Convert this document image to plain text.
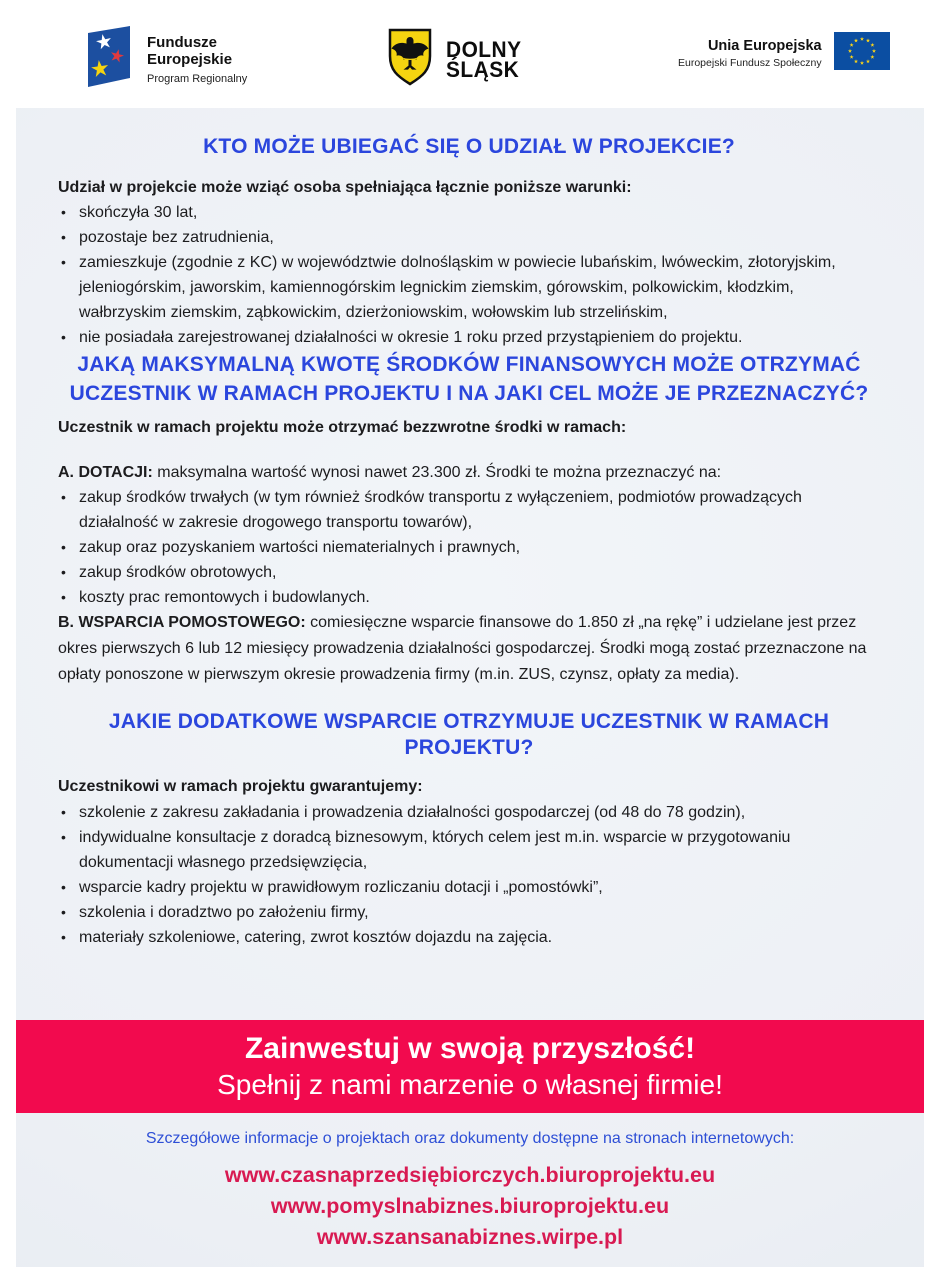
Fundusze
Europejskie
Program Regionalny
DOLNY
ŚLĄSK
Unia Europejska
Europejski Fundusz Społeczny
KTO MOŻE UBIEGAĆ SIĘ O UDZIAŁ W PROJEKCIE?

Udział w projekcie może wziąć osoba spełniająca łącznie poniższe warunki:

• skończyła 30 lat,
• pozostaje bez zatrudnienia,
• zamieszkuje (zgodnie z KC) w województwie dolnośląskim w powiecie lubańskim, lwóweckim, złotoryjskim, jeleniogórskim, jaworskim, kamiennogórskim legnickim ziemskim, górowskim, polkowickim, kłodzkim, wałbrzyskim ziemskim, ząbkowickim, dzierżoniowskim, wołowskim lub strzelińskim,
• nie posiadała zarejestrowanej działalności w okresie 1 roku przed przystąpieniem do projektu.
JAKĄ MAKSYMALNĄ KWOTĘ ŚRODKÓW FINANSOWYCH MOŻE OTRZYMAĆ
UCZESTNIK W RAMACH PROJEKTU I NA JAKI CEL MOŻE JE PRZEZNACZYĆ?

Uczestnik w ramach projektu może otrzymać bezzwrotne środki w ramach:

A. DOTACJI: maksymalna wartość wynosi nawet 23.300 zł. Środki te można przeznaczyć na:

• zakup środków trwałych (w tym również środków transportu z wyłączeniem, podmiotów prowadzących działalność w zakresie drogowego transportu towarów),
• zakup oraz pozyskaniem wartości niematerialnych i prawnych,
• zakup środków obrotowych,
• koszty prac remontowych i budowlanych.

B. WSPARCIA POMOSTOWEGO: comiesięczne wsparcie finansowe do 1.850 zł „na rękę” i udzielane jest przez okres pierwszych 6 lub 12 miesięcy prowadzenia działalności gospodarczej. Środki mogą zostać przeznaczone na opłaty ponoszone w pierwszym okresie prowadzenia firmy (m.in. ZUS, czynsz, opłaty za media).

JAKIE DODATKOWE WSPARCIE OTRZYMUJE UCZESTNIK W RAMACH PROJEKTU?

Uczestnikowi w ramach projektu gwarantujemy:

• szkolenie z zakresu zakładania i prowadzenia działalności gospodarczej (od 48 do 78 godzin),
• indywidualne konsultacje z doradcą biznesowym, których celem jest m.in. wsparcie w przygotowaniu dokumentacji własnego przedsięwzięcia,
• wsparcie kadry projektu w prawidłowym rozliczaniu dotacji i „pomostówki”,
• szkolenia i doradztwo po założeniu firmy,
• materiały szkoleniowe, catering, zwrot kosztów dojazdu na zajęcia.
Zainwestuj w swoją przyszłość!
Spełnij z nami marzenie o własnej firmie!
Szczegółowe informacje o projektach oraz dokumenty dostępne na stronach internetowych:
www.czasnaprzedsiębiorczych.biuroprojektu.eu
www.pomyslnabiznes.biuroprojektu.eu
www.szansanabiznes.wirpe.pl
